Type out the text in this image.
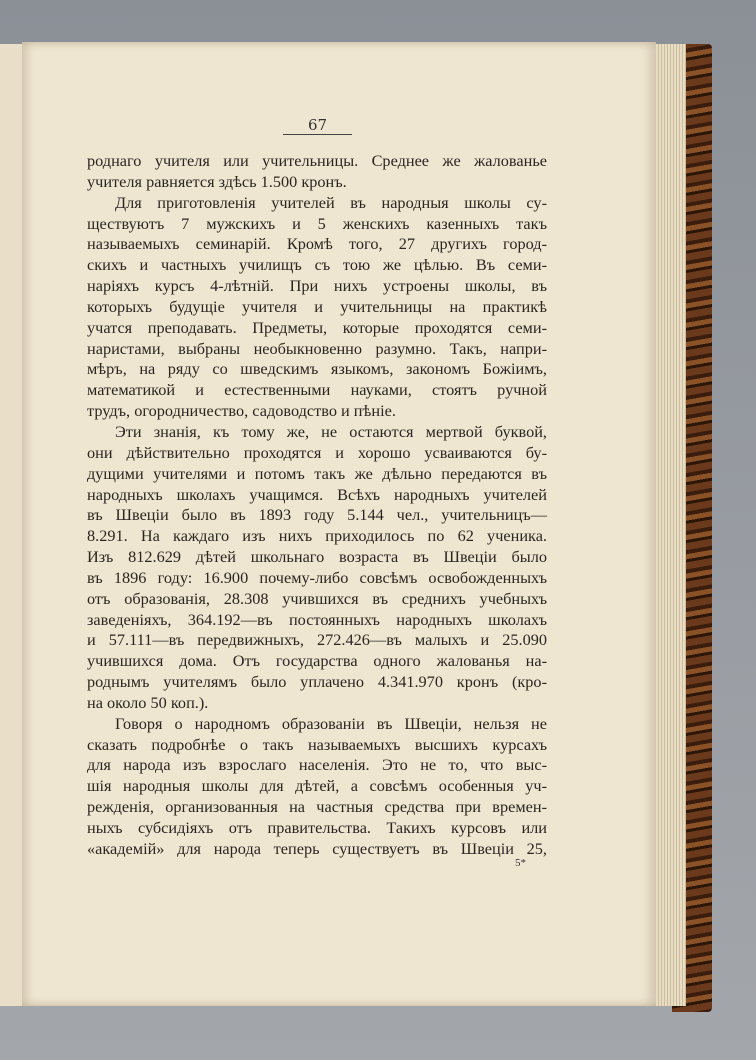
67
роднаго учителя или учительницы. Среднее же жалованье
учителя равняется здѣсь 1.500 кронъ.
Для приготовленія учителей въ народныя школы су-
ществуютъ 7 мужскихъ и 5 женскихъ казенныхъ такъ
называемыхъ семинарій. Кромѣ того, 27 другихъ город-
скихъ и частныхъ училищъ съ тою же цѣлью. Въ семи-
наріяхъ курсъ 4-лѣтній. При нихъ устроены школы, въ
которыхъ будущіе учителя и учительницы на практикѣ
учатся преподавать. Предметы, которые проходятся семи-
наристами, выбраны необыкновенно разумно. Такъ, напри-
мѣръ, на ряду со шведскимъ языкомъ, закономъ Божіимъ,
математикой и естественными науками, стоятъ ручной
трудъ, огородничество, садоводство и пѣніе.
Эти знанія, къ тому же, не остаются мертвой буквой,
они дѣйствительно проходятся и хорошо усваиваются бу-
дущими учителями и потомъ такъ же дѣльно передаются въ
народныхъ школахъ учащимся. Всѣхъ народныхъ учителей
въ Швеціи было въ 1893 году 5.144 чел., учительницъ—
8.291. На каждаго изъ нихъ приходилось по 62 ученика.
Изъ 812.629 дѣтей школьнаго возраста въ Швеціи было
въ 1896 году: 16.900 почему-либо совсѣмъ освобожденныхъ
отъ образованія, 28.308 учившихся въ среднихъ учебныхъ
заведеніяхъ, 364.192—въ постоянныхъ народныхъ школахъ
и 57.111—въ передвижныхъ, 272.426—въ малыхъ и 25.090
учившихся дома. Отъ государства одного жалованья на-
роднымъ учителямъ было уплачено 4.341.970 кронъ (кро-
на около 50 коп.).
Говоря о народномъ образованіи въ Швеціи, нельзя не
сказать подробнѣе о такъ называемыхъ высшихъ курсахъ
для народа изъ взрослаго населенія. Это не то, что выс-
шія народныя школы для дѣтей, а совсѣмъ особенныя уч-
режденія, организованныя на частныя средства при времен-
ныхъ субсидіяхъ отъ правительства. Такихъ курсовъ или
«академій» для народа теперь существуетъ въ Швеціи 25,
5*
